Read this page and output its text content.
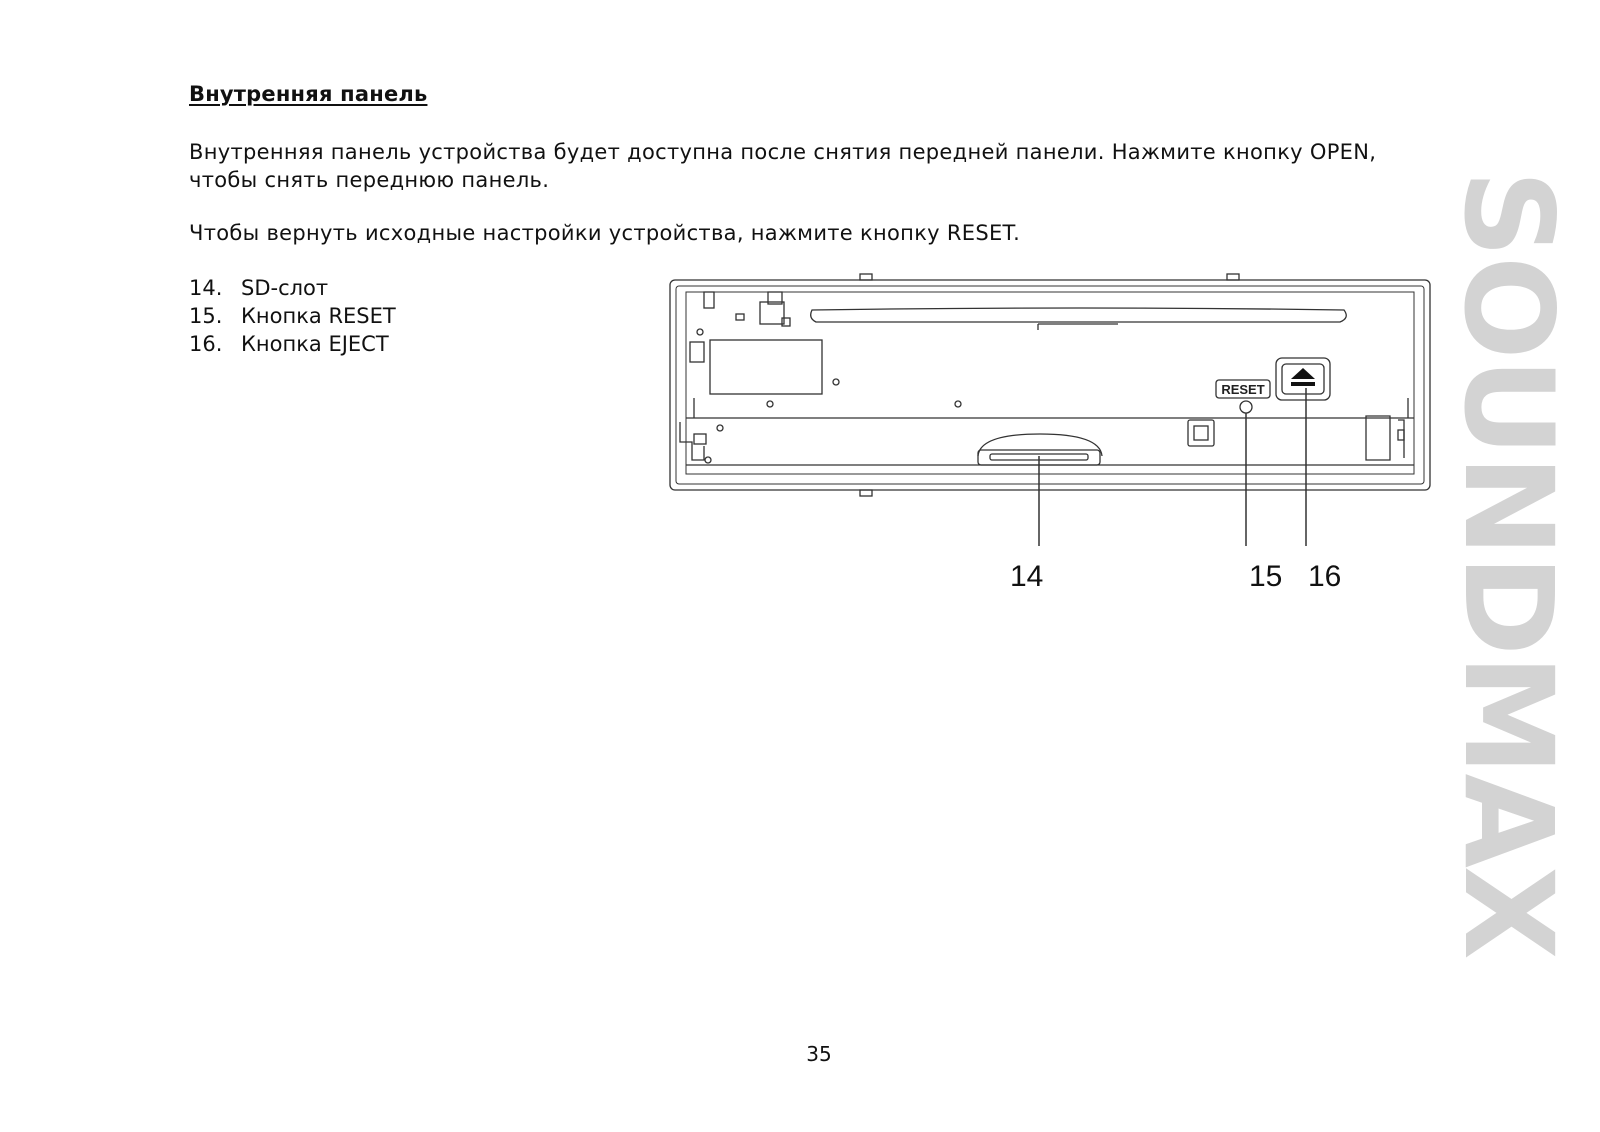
Внутренняя панель
Внутренняя панель устройства будет доступна после снятия передней панели. Нажмите кнопку OPEN, чтобы снять переднюю панель.
Чтобы вернуть исходные настройки устройства, нажмите кнопку RESET.
14. SD-слот
15. Кнопка RESET
16. Кнопка EJECT
RESET
14	15 16 SOUNDMAX
35
